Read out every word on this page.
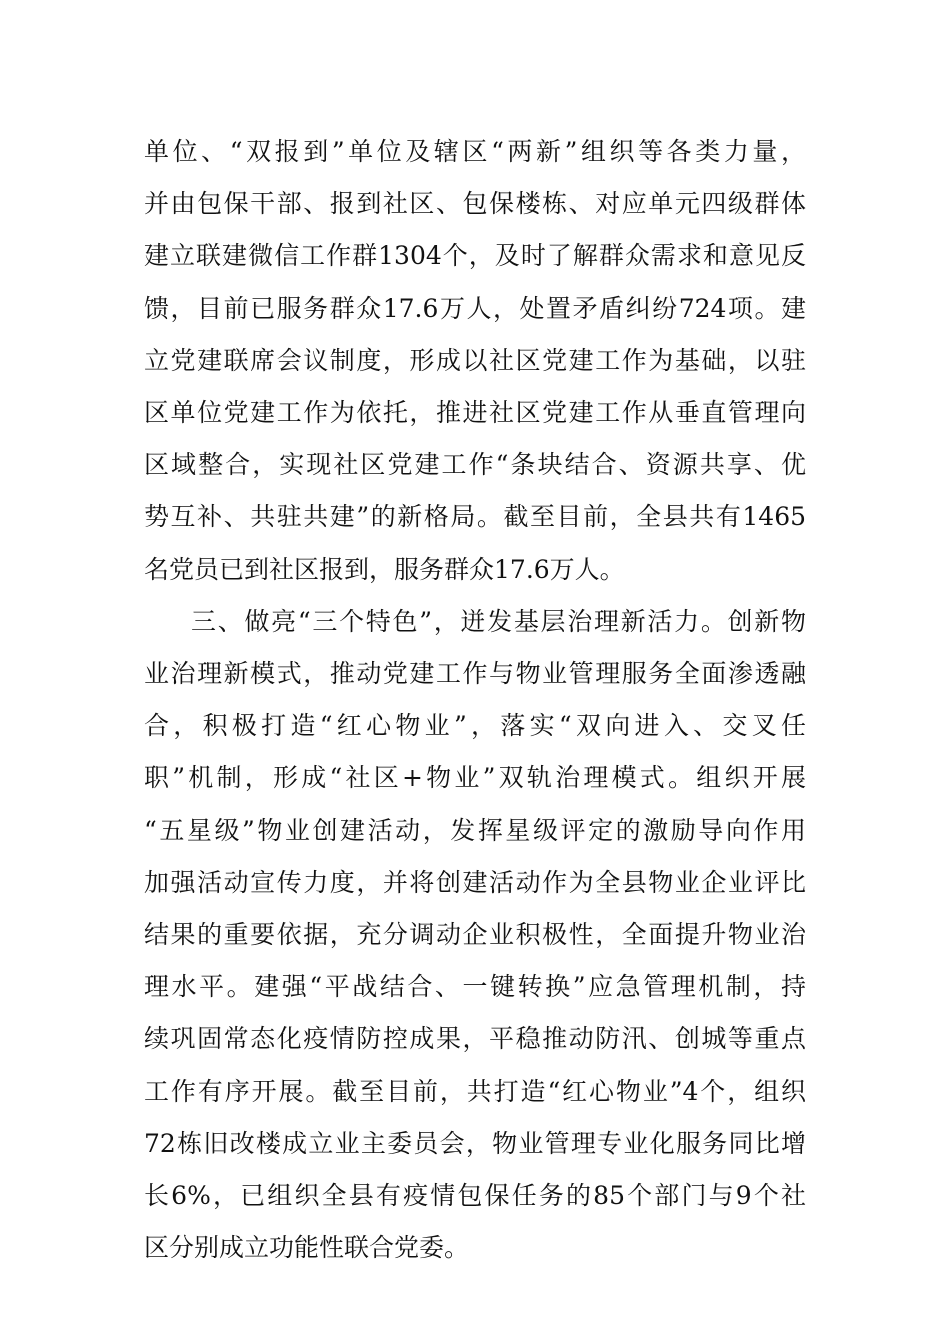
单位、“双报到”单位及辖区“两新”组织等各类力量，
并由包保干部、报到社区、包保楼栋、对应单元四级群体
建立联建微信工作群1304个，及时了解群众需求和意见反
馈，目前已服务群众17.6万人，处置矛盾纠纷724项。建
立党建联席会议制度，形成以社区党建工作为基础，以驻
区单位党建工作为依托，推进社区党建工作从垂直管理向
区域整合，实现社区党建工作“条块结合、资源共享、优
势互补、共驻共建”的新格局。截至目前，全县共有1465
名党员已到社区报到，服务群众17.6万人。
三、做亮“三个特色”，迸发基层治理新活力。创新物
业治理新模式，推动党建工作与物业管理服务全面渗透融
合，积极打造“红心物业”，落实“双向进入、交叉任
职”机制，形成“社区+物业”双轨治理模式。组织开展
“五星级”物业创建活动，发挥星级评定的激励导向作用
加强活动宣传力度，并将创建活动作为全县物业企业评比
结果的重要依据，充分调动企业积极性，全面提升物业治
理水平。建强“平战结合、一键转换”应急管理机制，持
续巩固常态化疫情防控成果，平稳推动防汛、创城等重点
工作有序开展。截至目前，共打造“红心物业”4个，组织
72栋旧改楼成立业主委员会，物业管理专业化服务同比增
长6%，已组织全县有疫情包保任务的85个部门与9个社
区分别成立功能性联合党委。
